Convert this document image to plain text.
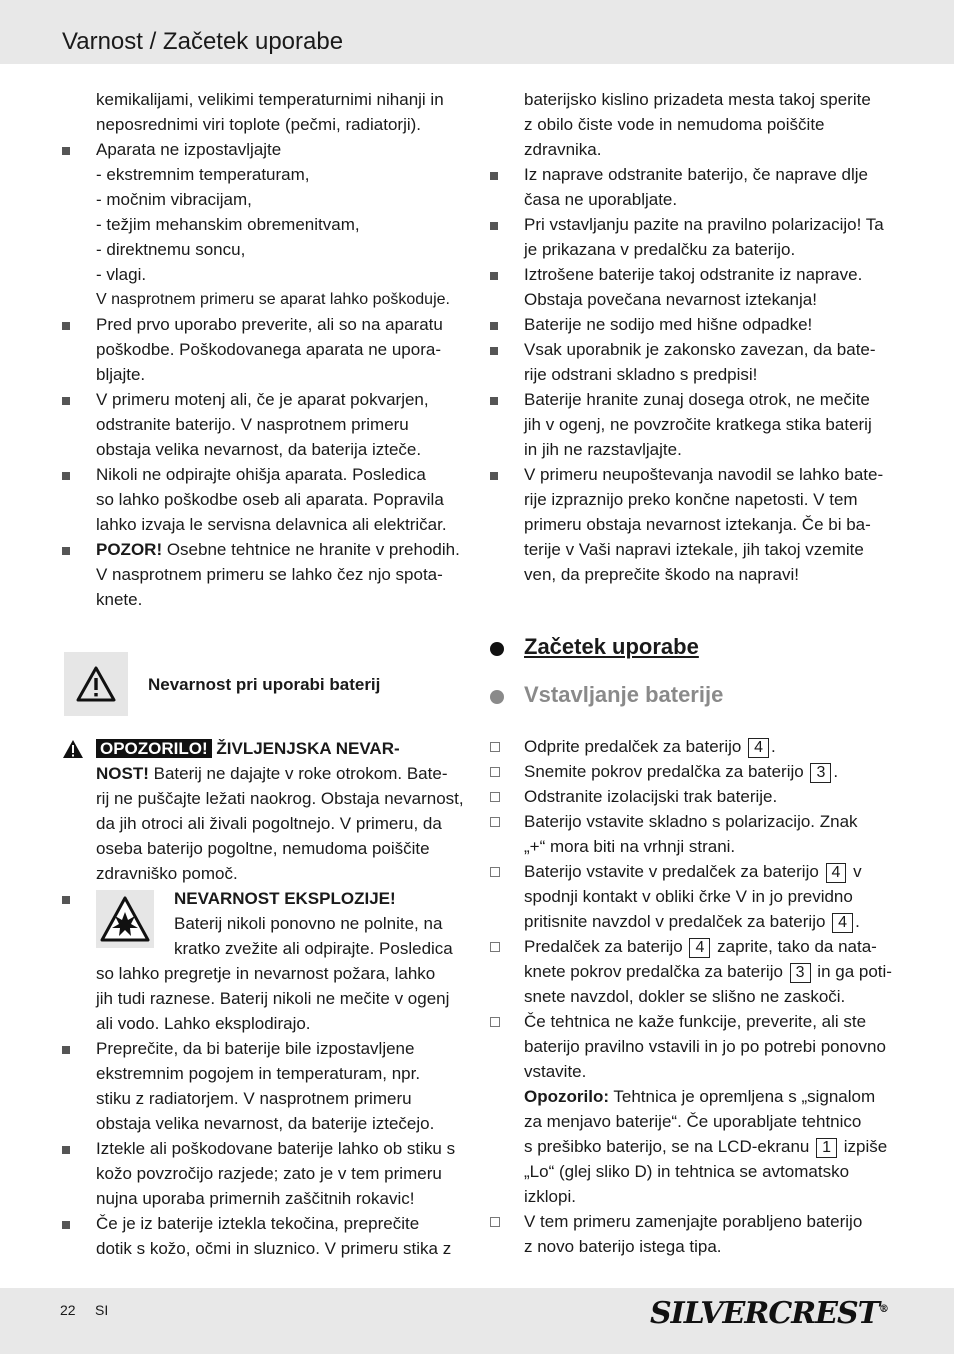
Varnost / Začetek uporabe

kemikalijami, velikimi temperaturnimi nihanji in

neposrednimi viri toplote (pečmi, radiatorji).

Aparata ne izpostavljajte

- ekstremnim temperaturam,

- močnim vibracijam,

- težjim mehanskim obremenitvam,

- direktnemu soncu,

- vlagi.

V nasprotnem primeru se aparat lahko poškoduje.

Pred prvo uporabo preverite, ali so na aparatu

poškodbe. Poškodovanega aparata ne upora-

bljajte.

V primeru motenj ali, če je aparat pokvarjen,

odstranite baterijo. V nasprotnem primeru

obstaja velika nevarnost, da baterija izteče.

Nikoli ne odpirajte ohišja aparata. Posledica

so lahko poškodbe oseb ali aparata. Popravila

lahko izvaja le servisna delavnica ali električar.

POZOR! Osebne tehtnice ne hranite v prehodih.

V nasprotnem primeru se lahko čez njo spota-

knete.

Nevarnost pri uporabi baterij

OPOZORILO! ŽIVLJENJSKA NEVAR-

NOST! Baterij ne dajajte v roke otrokom. Bate-

rij ne puščajte ležati naokrog. Obstaja nevarnost,

da jih otroci ali živali pogoltnejo. V primeru, da

oseba baterijo pogoltne, nemudoma poiščite

zdravniško pomoč.

NEVARNOST EKSPLOZIJE!

Baterij nikoli ponovno ne polnite, na

kratko zvežite ali odpirajte. Posledica

so lahko pregretje in nevarnost požara, lahko

jih tudi raznese. Baterij nikoli ne mečite v ogenj

ali vodo. Lahko eksplodirajo.

Preprečite, da bi baterije bile izpostavljene

ekstremnim pogojem in temperaturam, npr.

stiku z radiatorjem. V nasprotnem primeru

obstaja velika nevarnost, da baterije iztečejo.

Iztekle ali poškodovane baterije lahko ob stiku s

kožo povzročijo razjede; zato je v tem primeru

nujna uporaba primernih zaščitnih rokavic!

Če je iz baterije iztekla tekočina, preprečite

dotik s kožo, očmi in sluznico. V primeru stika z

baterijsko kislino prizadeta mesta takoj sperite

z obilo čiste vode in nemudoma poiščite

zdravnika.

Iz naprave odstranite baterijo, če naprave dlje

časa ne uporabljate.

Pri vstavljanju pazite na pravilno polarizacijo! Ta

je prikazana v predalčku za baterijo.

Iztrošene baterije takoj odstranite iz naprave.

Obstaja povečana nevarnost iztekanja!

Baterije ne sodijo med hišne odpadke!

Vsak uporabnik je zakonsko zavezan, da bate-

rije odstrani skladno s predpisi!

Baterije hranite zunaj dosega otrok, ne mečite

jih v ogenj, ne povzročite kratkega stika baterij

in jih ne razstavljajte.

V primeru neupoštevanja navodil se lahko bate-

rije izpraznijo preko končne napetosti. V tem

primeru obstaja nevarnost iztekanja. Če bi ba-

terije v Vaši napravi iztekale, jih takoj vzemite

ven, da preprečite škodo na napravi!

Začetek uporabe
Vstavljanje baterije

Odprite predalček za baterijo 4 .

Snemite pokrov predalčka za baterijo 3 .

Odstranite izolacijski trak baterije.

Baterijo vstavite skladno s polarizacijo. Znak

„+“ mora biti na vrhnji strani.

Baterijo vstavite v predalček za baterijo 4 v

spodnji kontakt v obliki črke V in jo previdno

pritisnite navzdol v predalček za baterijo 4 .

Predalček za baterijo 4 zaprite, tako da nata-

knete pokrov predalčka za baterijo 3 in ga poti-

snete navzdol, dokler se slišno ne zaskoči.

Če tehtnica ne kaže funkcije, preverite, ali ste

baterijo pravilno vstavili in jo po potrebi ponovno

vstavite.

Opozorilo: Tehtnica je opremljena s „signalom

za menjavo baterije“. Če uporabljate tehtnico

s prešibko baterijo, se na LCD-ekranu 1 izpiše

„Lo“ (glej sliko D) in tehtnica se avtomatsko

izklopi.

V tem primeru zamenjajte porabljeno baterijo

z novo baterijo istega tipa.

22 SI	SILVERCREST®
